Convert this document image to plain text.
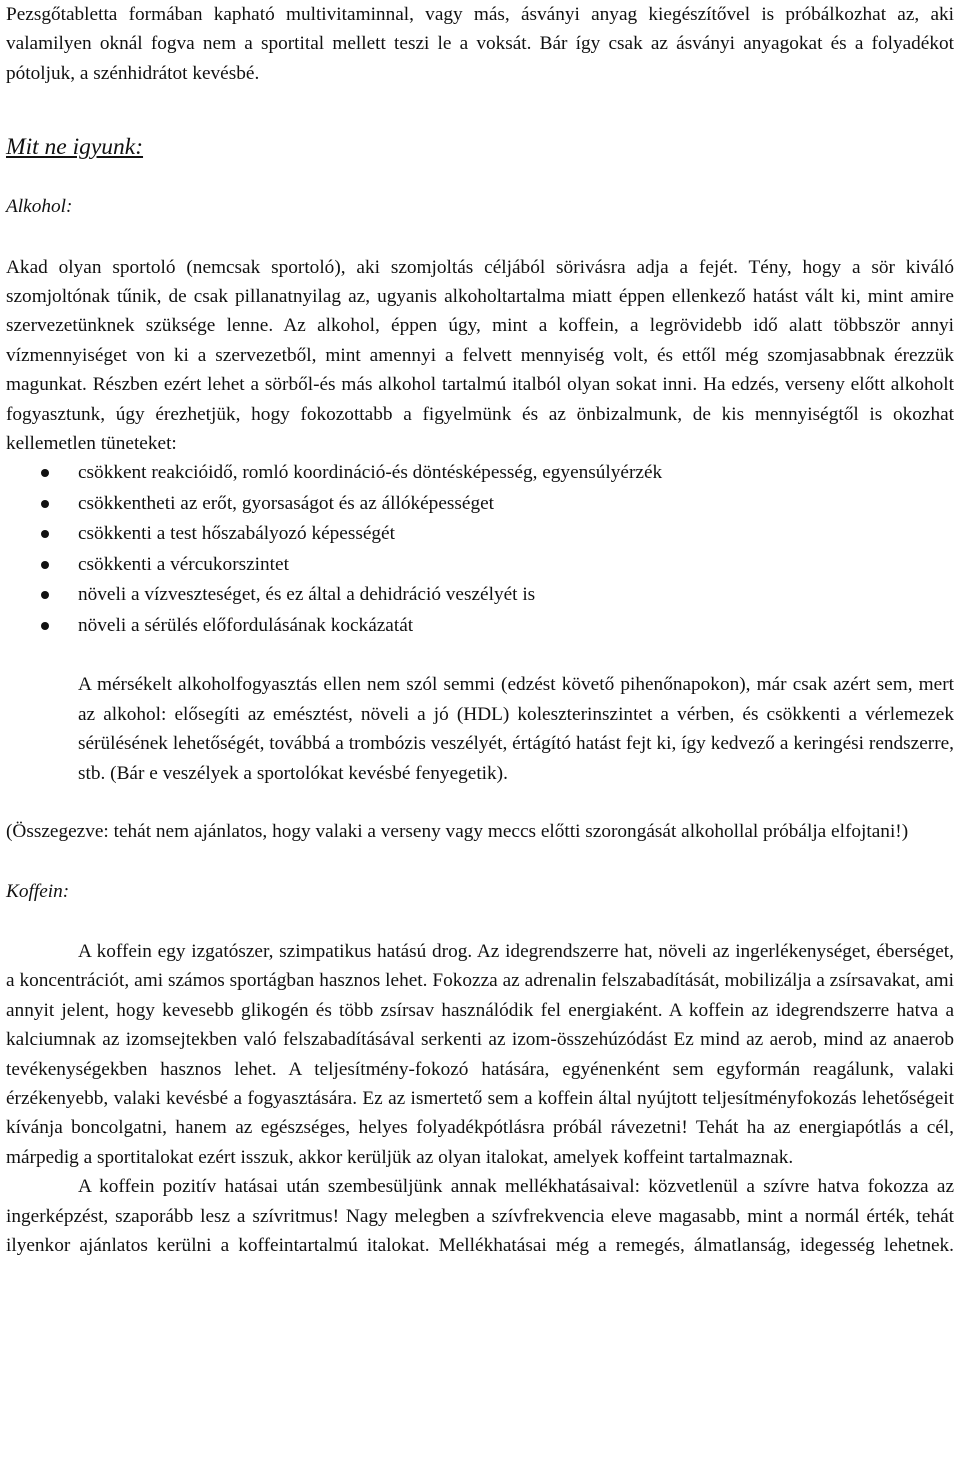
Pezsgőtabletta formában kapható multivitaminnal, vagy más, ásványi anyag kiegészítővel is próbálkozhat az, aki valamilyen oknál fogva nem a sportital mellett teszi le a voksát. Bár így csak az ásványi anyagokat és a folyadékot pótoljuk, a szénhidrátot kevésbé.

Mit ne igyunk:

Alkohol:

Akad olyan sportoló (nemcsak sportoló), aki szomjoltás céljából sörivásra adja a fejét. Tény, hogy a sör kiváló szomjoltónak tűnik, de csak pillanatnyilag az, ugyanis alkoholtartalma miatt éppen ellenkező hatást vált ki, mint amire szervezetünknek szüksége lenne. Az alkohol, éppen úgy, mint a koffein, a legrövidebb idő alatt többször annyi vízmennyiséget von ki a szervezetből, mint amennyi a felvett mennyiség volt, és ettől még szomjasabbnak érezzük magunkat. Részben ezért lehet a sörből-és más alkohol tartalmú italból olyan sokat inni. Ha edzés, verseny előtt alkoholt fogyasztunk, úgy érezhetjük, hogy fokozottabb a figyelmünk és az önbizalmunk, de kis mennyiségtől is okozhat kellemetlen tüneteket:

csökkent reakcióidő, romló koordináció-és döntésképesség, egyensúlyérzék
csökkentheti az erőt, gyorsaságot és az állóképességet
csökkenti a test hőszabályozó képességét
csökkenti a vércukorszintet
növeli a vízveszteséget, és ez által a dehidráció veszélyét is
növeli a sérülés előfordulásának kockázatát

A mérsékelt alkoholfogyasztás ellen nem szól semmi (edzést követő pihenőnapokon), már csak azért sem, mert az alkohol: elősegíti az emésztést, növeli a jó (HDL) koleszterinszintet a vérben, és csökkenti a vérlemezek sérülésének lehetőségét, továbbá a trombózis veszélyét, értágító hatást fejt ki, így kedvező a keringési rendszerre, stb. (Bár e veszélyek a sportolókat kevésbé fenyegetik).

(Összegezve: tehát nem ajánlatos, hogy valaki a verseny vagy meccs előtti szorongását alkohollal próbálja elfojtani!)

Koffein:

A koffein egy izgatószer, szimpatikus hatású drog. Az idegrendszerre hat, növeli az ingerlékenységet, éberséget, a koncentrációt, ami számos sportágban hasznos lehet. Fokozza az adrenalin felszabadítását, mobilizálja a zsírsavakat, ami annyit jelent, hogy kevesebb glikogén és több zsírsav használódik fel energiaként. A koffein az idegrendszerre hatva a kalciumnak az izomsejtekben való felszabadításával serkenti az izom-összehúzódást Ez mind az aerob, mind az anaerob tevékenységekben hasznos lehet. A teljesítmény-fokozó hatására, egyénenként sem egyformán reagálunk, valaki érzékenyebb, valaki kevésbé a fogyasztására. Ez az ismertető sem a koffein által nyújtott teljesítményfokozás lehetőségeit kívánja boncolgatni, hanem az egészséges, helyes folyadékpótlásra próbál rávezetni! Tehát ha az energiapótlás a cél, márpedig a sportitalokat ezért isszuk, akkor kerüljük az olyan italokat, amelyek koffeint tartalmaznak.

A koffein pozitív hatásai után szembesüljünk annak mellékhatásaival: közvetlenül a szívre hatva fokozza az ingerképzést, szaporább lesz a szívritmus! Nagy melegben a szívfrekvencia eleve magasabb, mint a normál érték, tehát ilyenkor ajánlatos kerülni a koffeintartalmú italokat. Mellékhatásai még a remegés, álmatlanság, idegesség lehetnek.
